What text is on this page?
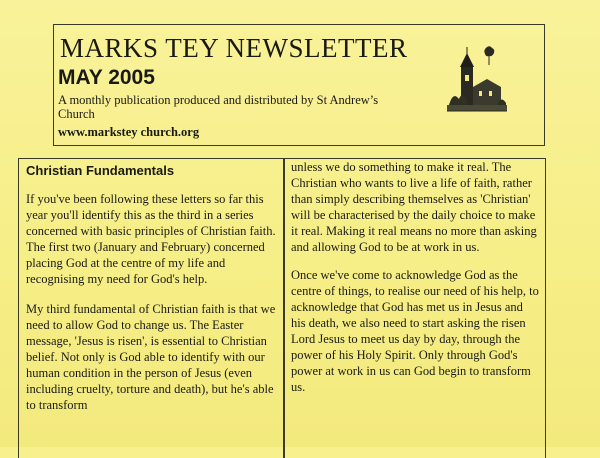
MARKS TEY NEWSLETTER
MAY 2005
A monthly publication produced and distributed by St Andrew’s Church
www.markstey church.org
Christian Fundamentals

If you've been following these letters so far this year you'll identify this as the third in a series concerned with basic principles of Christian faith. The first two (January and February) concerned placing God at the centre of my life and recognising my need for God's help.

My third fundamental of Christian faith is that we need to allow God to change us. The Easter message, 'Jesus is risen', is essential to Christian belief. Not only is God able to identify with our human condition in the person of Jesus (even including cruelty, torture and death), but he's able to transform

unless we do something to make it real. The Christian who wants to live a life of faith, rather than simply describing themselves as 'Christian' will be characterised by the daily choice to make it real. Making it real means no more than asking and allowing God to be at work in us.

Once we've come to acknowledge God as the centre of things, to realise our need of his help, to acknowledge that God has met us in Jesus and his death, we also need to start asking the risen Lord Jesus to meet us day by day, through the power of his Holy Spirit. Only through God's power at work in us can God begin to transform us.
